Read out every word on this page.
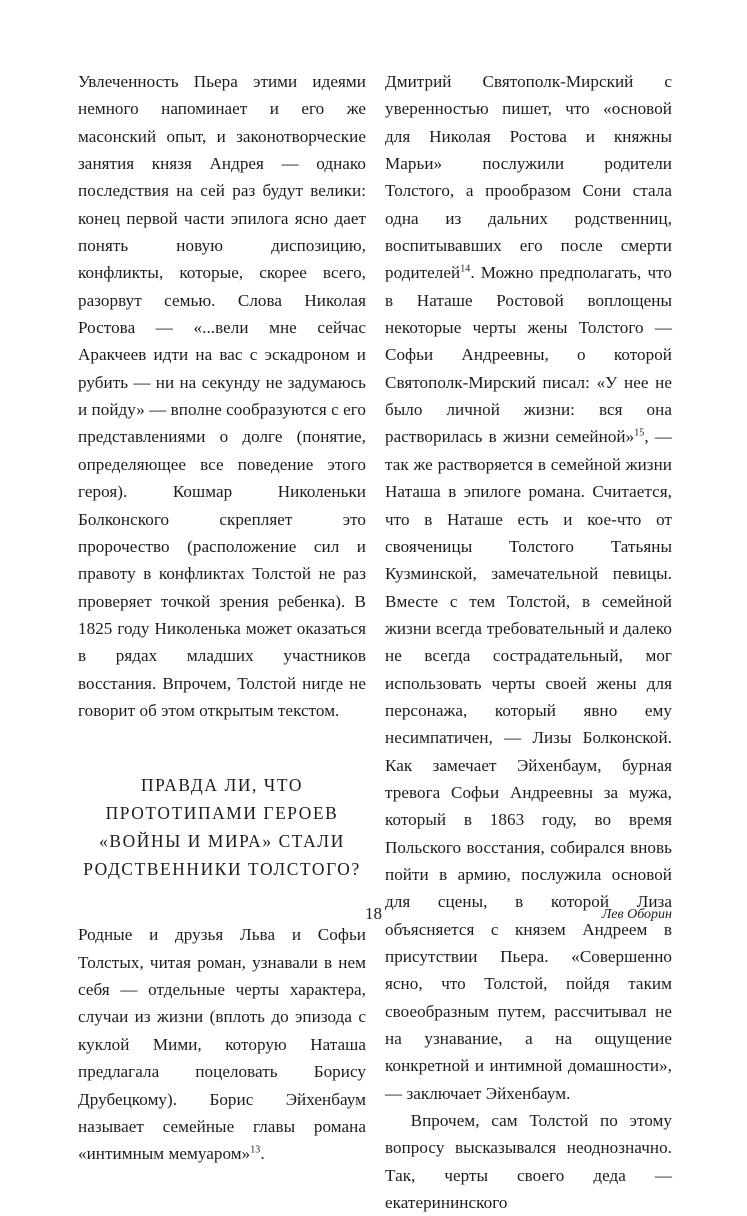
Увлеченность Пьера этими идеями немного напоминает и его же масонский опыт, и законотворческие занятия князя Андрея — однако последствия на сей раз будут велики: конец первой части эпилога ясно дает понять новую диспозицию, конфликты, которые, скорее всего, разорвут семью. Слова Николая Ростова — «...вели мне сейчас Аракчеев идти на вас с эскадроном и рубить — ни на секунду не задумаюсь и пойду» — вполне сообразуются с его представлениями о долге (понятие, определяющее все поведение этого героя). Кошмар Николеньки Болконского скрепляет это пророчество (расположение сил и правоту в конфликтах Толстой не раз проверяет точкой зрения ребенка). В 1825 году Николенька может оказаться в рядах младших участников восстания. Впрочем, Толстой нигде не говорит об этом открытым текстом.

ПРАВДА ЛИ, ЧТО
ПРОТОТИПАМИ ГЕРОЕВ
«ВОЙНЫ И МИРА» СТАЛИ
РОДСТВЕННИКИ ТОЛСТОГО?

Родные и друзья Льва и Софьи Толстых, читая роман, узнавали в нем себя — отдельные черты характера, случаи из жизни (вплоть до эпизода с куклой Мими, которую Наташа предлагала поцеловать Борису Друбецкому). Борис Эйхенбаум называет семейные главы романа «интимным мемуаром»$^{13}$.

Дмитрий Святополк-Мирский с уверенностью пишет, что «основой для Николая Ростова и княжны Марьи» послужили родители Толстого, а прообразом Сони стала одна из дальних родственниц, воспитывавших его после смерти родителей$^{14}$. Можно предполагать, что в Наташе Ростовой воплощены некоторые черты жены Толстого — Софьи Андреевны, о которой Святополк-Мирский писал: «У нее не было личной жизни: вся она растворилась в жизни семейной»$^{15}$, — так же растворяется в семейной жизни Наташа в эпилоге романа. Считается, что в Наташе есть и кое-что от свояченицы Толстого Татьяны Кузминской, замечательной певицы. Вместе с тем Толстой, в семейной жизни всегда требовательный и далеко не всегда сострадательный, мог использовать черты своей жены для персонажа, который явно ему несимпатичен, — Лизы Болконской. Как замечает Эйхенбаум, бурная тревога Софьи Андреевны за мужа, который в 1863 году, во время Польского восстания, собирался вновь пойти в армию, послужила основой для сцены, в которой Лиза объясняется с князем Андреем в присутствии Пьера. «Совершенно ясно, что Толстой, пойдя таким своеобразным путем, рассчитывал не на узнавание, а на ощущение конкретной и интимной домашности», — заключает Эйхенбаум.

Впрочем, сам Толстой по этому вопросу высказывался неоднозначно. Так, черты своего деда — екатерининского

18	Лев Оборин
